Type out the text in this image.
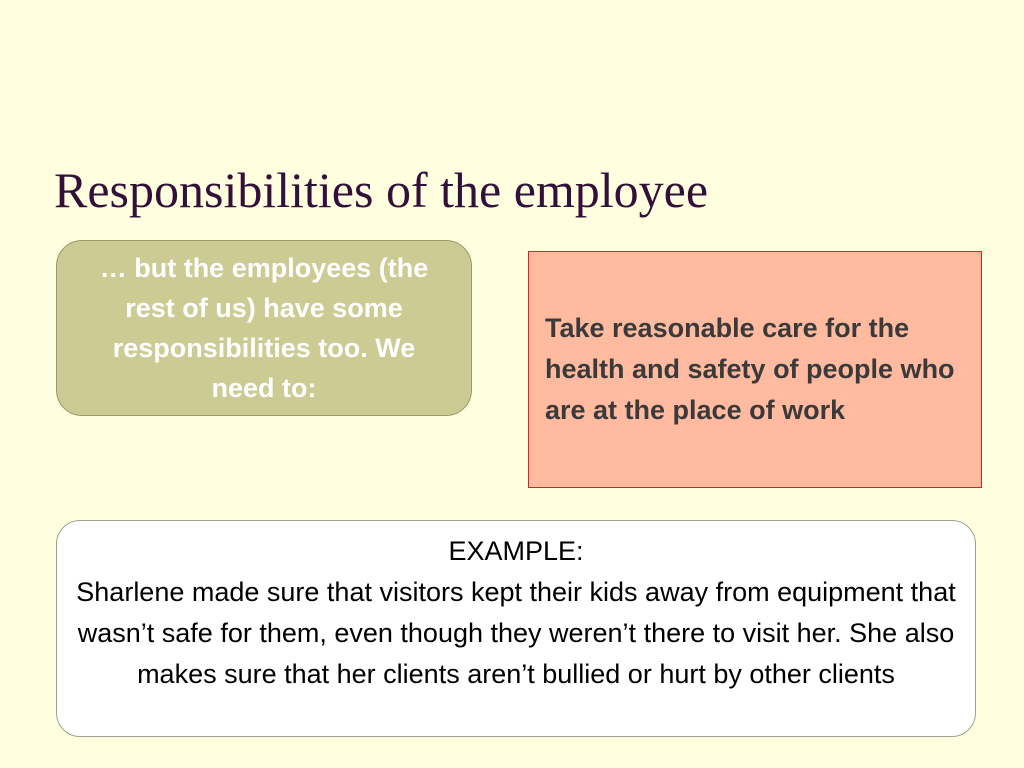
Responsibilities of the employee
… but the employees (the rest of us) have some responsibilities too. We need to:
Take reasonable care for the health and safety of people who are at the place of work
EXAMPLE:
Sharlene made sure that visitors kept their kids away from equipment that wasn’t safe for them, even though they weren’t there to visit her. She also makes sure that her clients aren’t bullied or hurt by other clients
